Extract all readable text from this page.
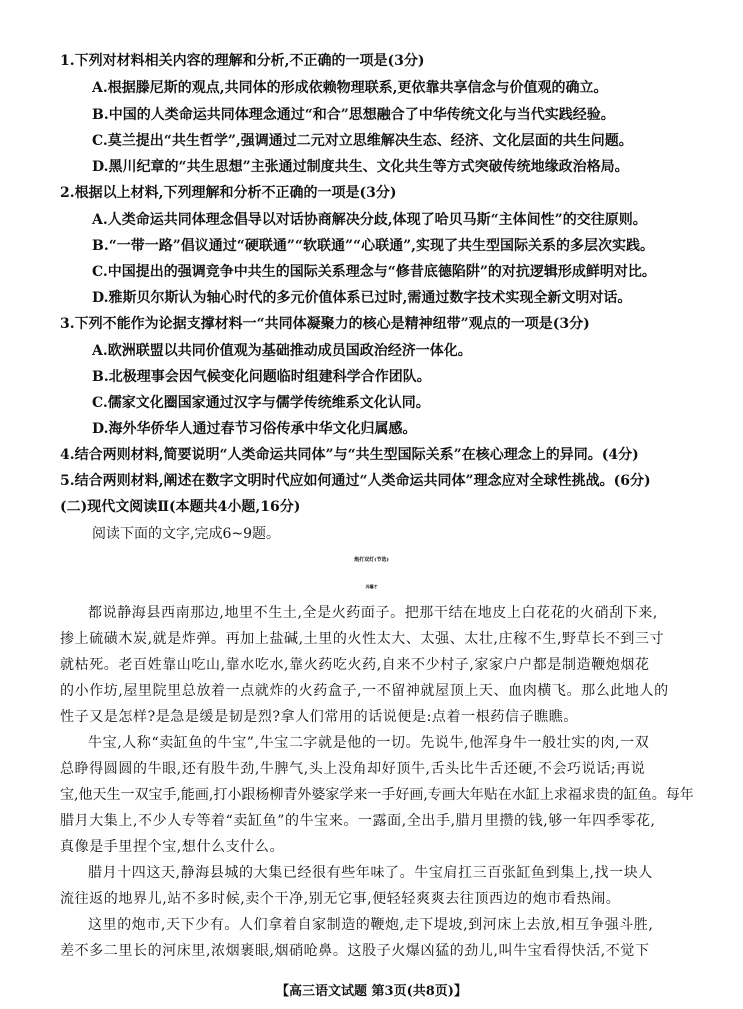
1.下列对材料相关内容的理解和分析,不正确的一项是(3分)
A.根据滕尼斯的观点,共同体的形成依赖物理联系,更依靠共享信念与价值观的确立。
B.中国的人类命运共同体理念通过“和合”思想融合了中华传统文化与当代实践经验。
C.莫兰提出“共生哲学”,强调通过二元对立思维解决生态、经济、文化层面的共生问题。
D.黑川纪章的“共生思想”主张通过制度共生、文化共生等方式突破传统地缘政治格局。
2.根据以上材料,下列理解和分析不正确的一项是(3分)
A.人类命运共同体理念倡导以对话协商解决分歧,体现了哈贝马斯“主体间性”的交往原则。
B.“一带一路”倡议通过“硬联通”“软联通”“心联通”,实现了共生型国际关系的多层次实践。
C.中国提出的强调竞争中共生的国际关系理念与“修昔底德陷阱”的对抗逻辑形成鲜明对比。
D.雅斯贝尔斯认为轴心时代的多元价值体系已过时,需通过数字技术实现全新文明对话。
3.下列不能作为论据支撑材料一“共同体凝聚力的核心是精神纽带”观点的一项是(3分)
A.欧洲联盟以共同价值观为基础推动成员国政治经济一体化。
B.北极理事会因气候变化问题临时组建科学合作团队。
C.儒家文化圈国家通过汉字与儒学传统维系文化认同。
D.海外华侨华人通过春节习俗传承中华文化归属感。
4.结合两则材料,简要说明“人类命运共同体”与“共生型国际关系”在核心理念上的异同。(4分)
5.结合两则材料,阐述在数字文明时代应如何通过“人类命运共同体”理念应对全球性挑战。(6分)
(二)现代文阅读Ⅱ(本题共4小题,16分)
阅读下面的文字,完成6~9题。
炮打双灯(节选)
冯骥才
都说静海县西南那边,地里不生土,全是火药面子。把那干结在地皮上白花花的火硝刮下来,
掺上硫磺木炭,就是炸弹。再加上盐碱,土里的火性太大、太强、太壮,庄稼不生,野草长不到三寸
就枯死。老百姓靠山吃山,靠水吃水,靠火药吃火药,自来不少村子,家家户户都是制造鞭炮烟花
的小作坊,屋里院里总放着一点就炸的火药盒子,一不留神就屋顶上天、血肉横飞。那么此地人的
性子又是怎样?是急是缓是韧是烈?拿人们常用的话说便是:点着一根药信子瞧瞧。
牛宝,人称“卖缸鱼的牛宝”,牛宝二字就是他的一切。先说牛,他浑身牛一般壮实的肉,一双
总睁得圆圆的牛眼,还有股牛劲,牛脾气,头上没角却好顶牛,舌头比牛舌还硬,不会巧说话;再说
宝,他天生一双宝手,能画,打小跟杨柳青外婆家学来一手好画,专画大年贴在水缸上求福求贵的缸鱼。每年
腊月大集上,不少人专等着“卖缸鱼”的牛宝来。一露面,全出手,腊月里攒的钱,够一年四季零花,
真像是手里捏个宝,想什么支什么。
腊月十四这天,静海县城的大集已经很有些年味了。牛宝肩扛三百张缸鱼到集上,找一块人
流往返的地界儿,站不多时候,卖个干净,别无它事,便轻轻爽爽去往顶西边的炮市看热闹。
这里的炮市,天下少有。人们拿着自家制造的鞭炮,走下堤坡,到河床上去放,相互争强斗胜,
差不多二里长的河床里,浓烟裹眼,烟硝呛鼻。这股子火爆凶猛的劲儿,叫牛宝看得快活,不觉下
【高三语文试题 第3页(共8页)】
